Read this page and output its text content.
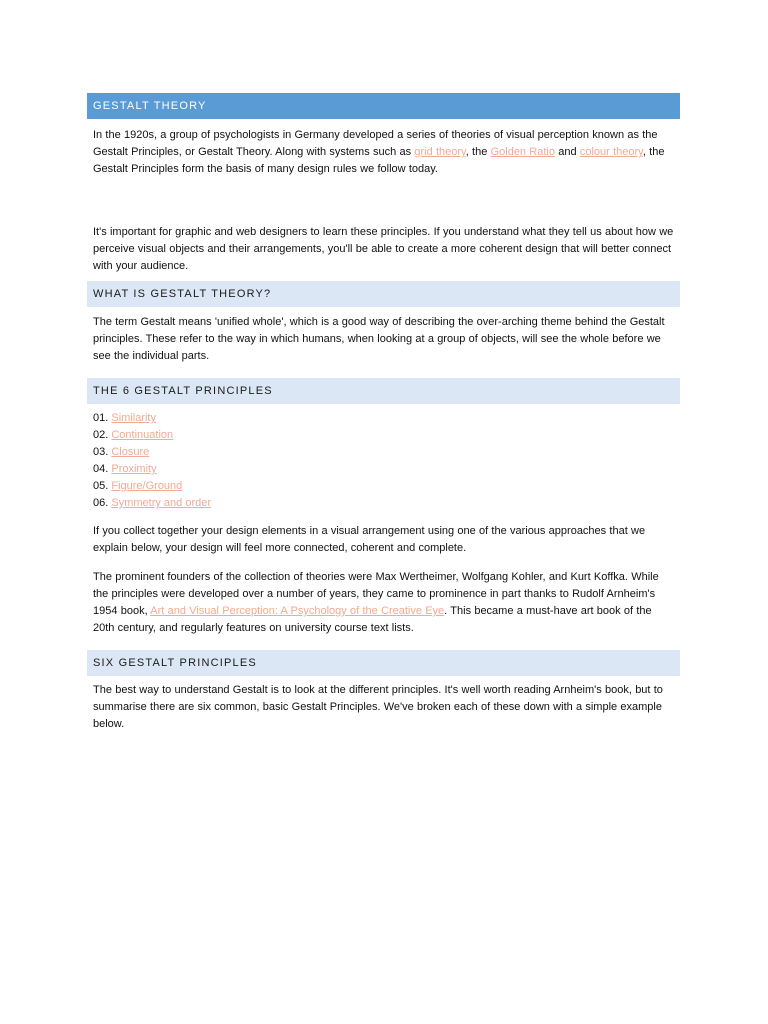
GESTALT THEORY

In the 1920s, a group of psychologists in Germany developed a series of theories of visual perception known as the Gestalt Principles, or Gestalt Theory. Along with systems such as grid theory, the Golden Ratio and colour theory, the Gestalt Principles form the basis of many design rules we follow today.

It's important for graphic and web designers to learn these principles. If you understand what they tell us about how we perceive visual objects and their arrangements, you'll be able to create a more coherent design that will better connect with your audience.

WHAT IS GESTALT THEORY?

The term Gestalt means 'unified whole', which is a good way of describing the over-arching theme behind the Gestalt principles. These refer to the way in which humans, when looking at a group of objects, will see the whole before we see the individual parts.

THE 6 GESTALT PRINCIPLES
01. Similarity
02. Continuation
03. Closure
04. Proximity
05. Figure/Ground
06. Symmetry and order

If you collect together your design elements in a visual arrangement using one of the various approaches that we explain below, your design will feel more connected, coherent and complete.

The prominent founders of the collection of theories were Max Wertheimer, Wolfgang Kohler, and Kurt Koffka. While the principles were developed over a number of years, they came to prominence in part thanks to Rudolf Arnheim's 1954 book, Art and Visual Perception: A Psychology of the Creative Eye. This became a must-have art book of the 20th century, and regularly features on university course text lists.

SIX GESTALT PRINCIPLES

The best way to understand Gestalt is to look at the different principles. It's well worth reading Arnheim's book, but to summarise there are six common, basic Gestalt Principles. We've broken each of these down with a simple example below.
